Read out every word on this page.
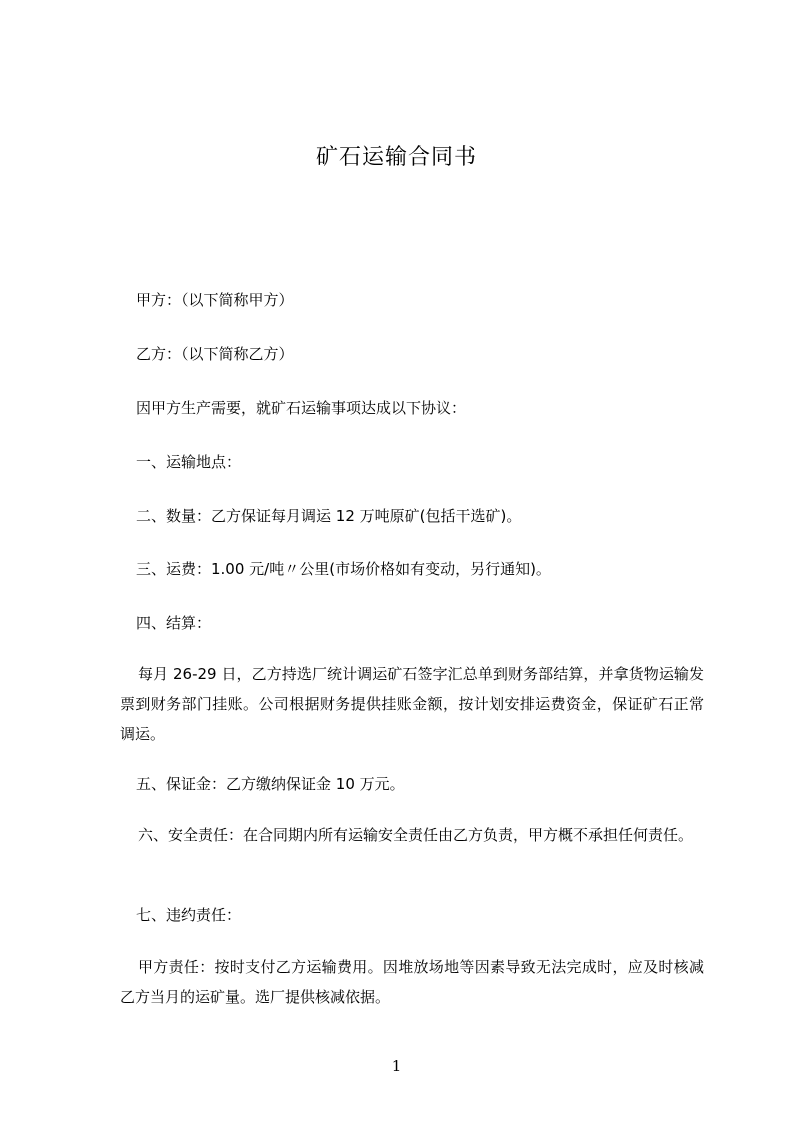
矿石运输合同书
甲方：（以下简称甲方）
乙方：（以下简称乙方）
因甲方生产需要，就矿石运输事项达成以下协议：
一、运输地点：
二、数量：乙方保证每月调运 12 万吨原矿(包括干选矿)。
三、运费：1.00 元/吨〃公里(市场价格如有变动，另行通知)。
四、结算：

每月 26-29 日，乙方持选厂统计调运矿石签字汇总单到财务部结算，并拿货物运输发票到财务部门挂账。公司根据财务提供挂账金额，按计划安排运费资金，保证矿石正常调运。

五、保证金：乙方缴纳保证金 10 万元。

六、安全责任：在合同期内所有运输安全责任由乙方负责，甲方概不承担任何责任。

七、违约责任：

甲方责任：按时支付乙方运输费用。因堆放场地等因素导致无法完成时，应及时核减乙方当月的运矿量。选厂提供核减依据。

1
